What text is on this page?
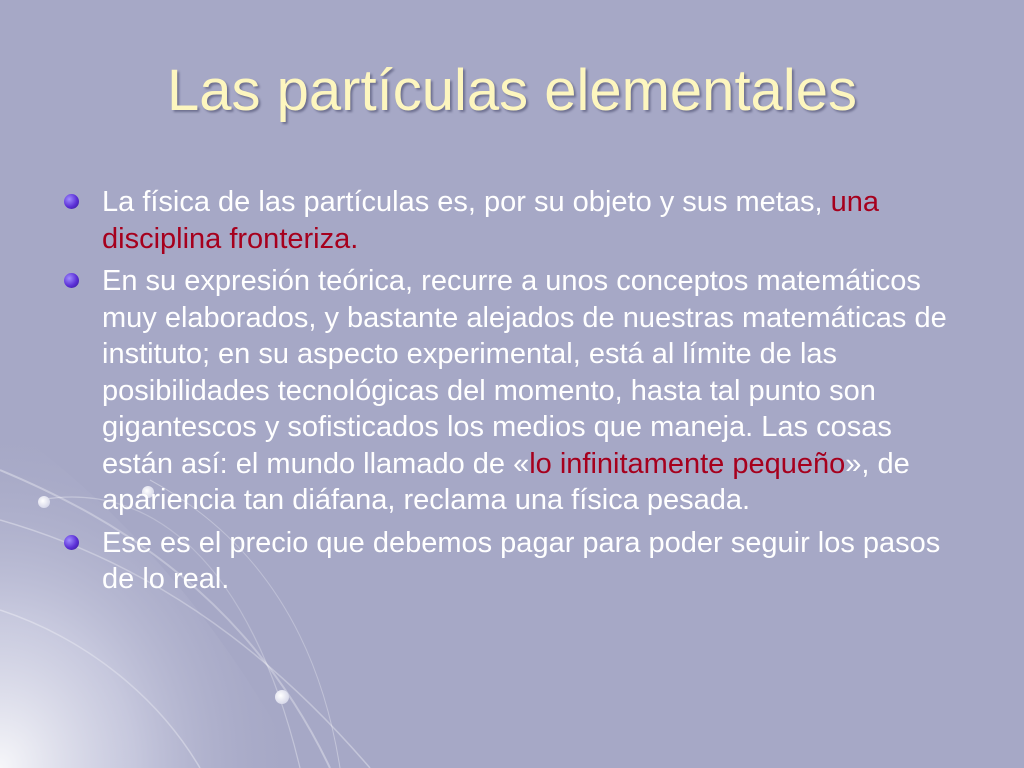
Las partículas elementales
La física de las partículas es, por su objeto y sus metas, una disciplina fronteriza.
En su expresión teórica, recurre a unos conceptos matemáticos muy elaborados, y bastante alejados de nuestras matemáticas de instituto; en su aspecto experimental, está al límite de las posibilidades tecnológicas del momento, hasta tal punto son gigantescos y sofisticados los medios que maneja. Las cosas están así: el mundo llamado de «lo infinitamente pequeño», de apariencia tan diáfana, reclama una física pesada.
Ese es el precio que debemos pagar para poder seguir los pasos de lo real.
